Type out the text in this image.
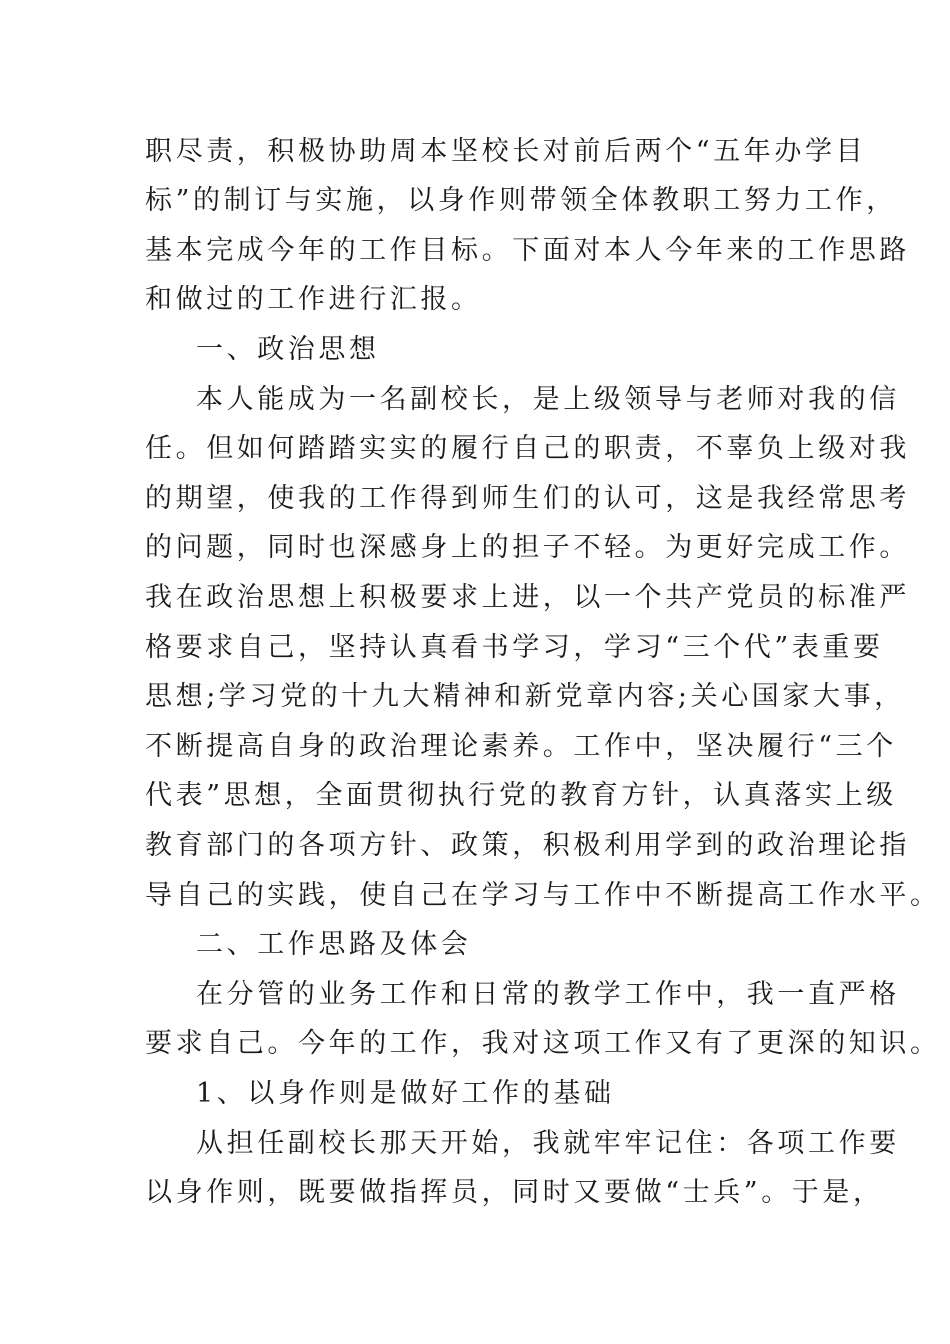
职尽责，积极协助周本坚校长对前后两个“五年办学目
标”的制订与实施，以身作则带领全体教职工努力工作，
基本完成今年的工作目标。下面对本人今年来的工作思路
和做过的工作进行汇报。
一、政治思想
本人能成为一名副校长，是上级领导与老师对我的信
任。但如何踏踏实实的履行自己的职责，不辜负上级对我
的期望，使我的工作得到师生们的认可，这是我经常思考
的问题，同时也深感身上的担子不轻。为更好完成工作。
我在政治思想上积极要求上进，以一个共产党员的标准严
格要求自己，坚持认真看书学习，学习“三个代”表重要
思想;学习党的十九大精神和新党章内容;关心国家大事，
不断提高自身的政治理论素养。工作中，坚决履行“三个
代表”思想，全面贯彻执行党的教育方针，认真落实上级
教育部门的各项方针、政策，积极利用学到的政治理论指
导自己的实践，使自己在学习与工作中不断提高工作水平。
二、工作思路及体会
在分管的业务工作和日常的教学工作中，我一直严格
要求自己。今年的工作，我对这项工作又有了更深的知识。
1、以身作则是做好工作的基础
从担任副校长那天开始，我就牢牢记住：各项工作要
以身作则，既要做指挥员，同时又要做“士兵”。于是，
